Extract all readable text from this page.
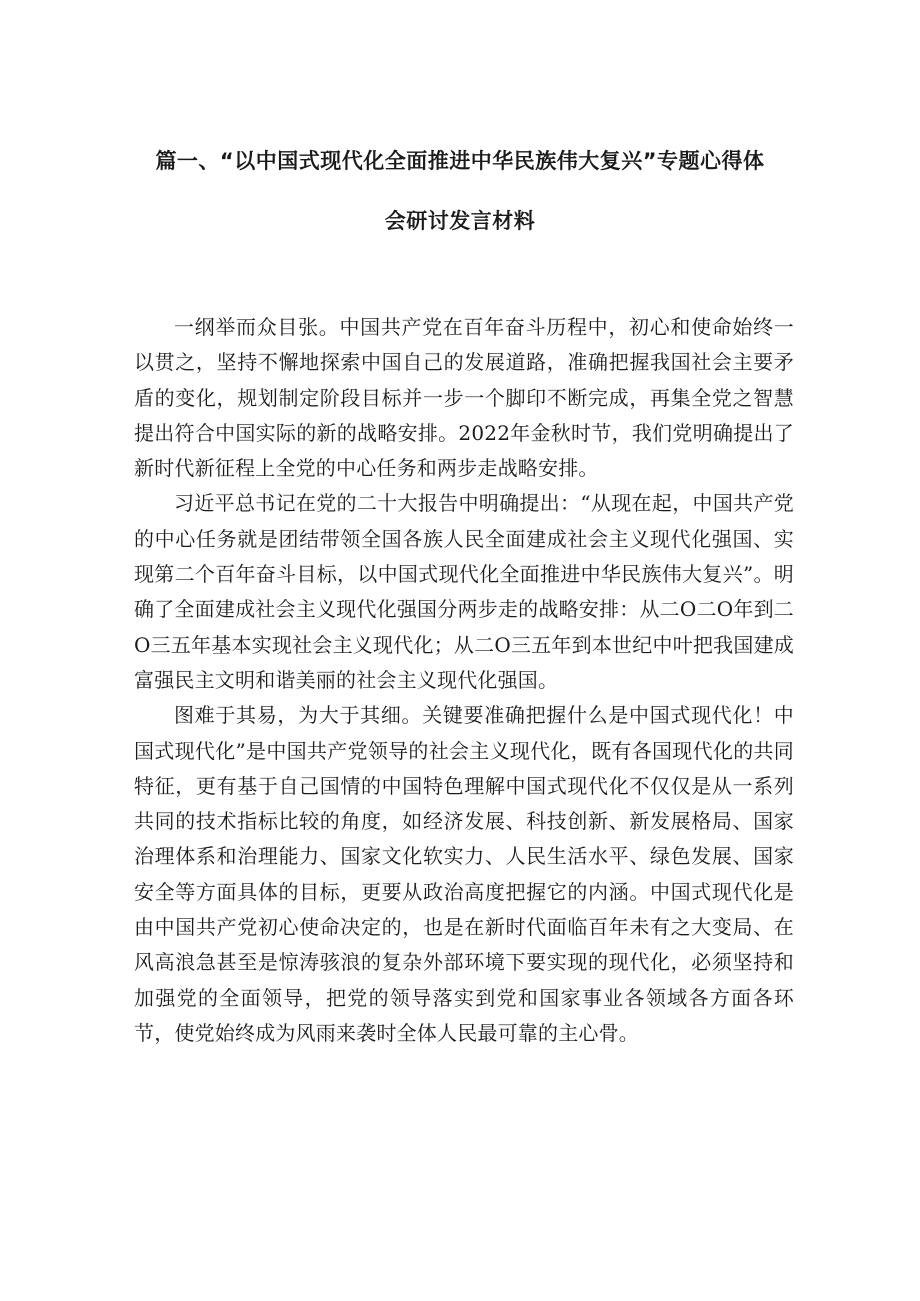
篇一、“以中国式现代化全面推进中华民族伟大复兴”专题心得体
会研讨发言材料

一纲举而众目张。中国共产党在百年奋斗历程中，初心和使命始终一以贯之，坚持不懈地探索中国自己的发展道路，准确把握我国社会主要矛盾的变化，规划制定阶段目标并一步一个脚印不断完成，再集全党之智慧提出符合中国实际的新的战略安排。2022年金秋时节，我们党明确提出了新时代新征程上全党的中心任务和两步走战略安排。

习近平总书记在党的二十大报告中明确提出：“从现在起，中国共产党的中心任务就是团结带领全国各族人民全面建成社会主义现代化强国、实现第二个百年奋斗目标，以中国式现代化全面推进中华民族伟大复兴”。明确了全面建成社会主义现代化强国分两步走的战略安排：从二O二O年到二O三五年基本实现社会主义现代化；从二O三五年到本世纪中叶把我国建成富强民主文明和谐美丽的社会主义现代化强国。

图难于其易，为大于其细。关键要准确把握什么是中国式现代化！中国式现代化”是中国共产党领导的社会主义现代化，既有各国现代化的共同特征，更有基于自己国情的中国特色理解中国式现代化不仅仅是从一系列共同的技术指标比较的角度，如经济发展、科技创新、新发展格局、国家治理体系和治理能力、国家文化软实力、人民生活水平、绿色发展、国家安全等方面具体的目标，更要从政治高度把握它的内涵。中国式现代化是由中国共产党初心使命决定的，也是在新时代面临百年未有之大变局、在风高浪急甚至是惊涛骇浪的复杂外部环境下要实现的现代化，必须坚持和加强党的全面领导，把党的领导落实到党和国家事业各领域各方面各环节，使党始终成为风雨来袭时全体人民最可靠的主心骨。
